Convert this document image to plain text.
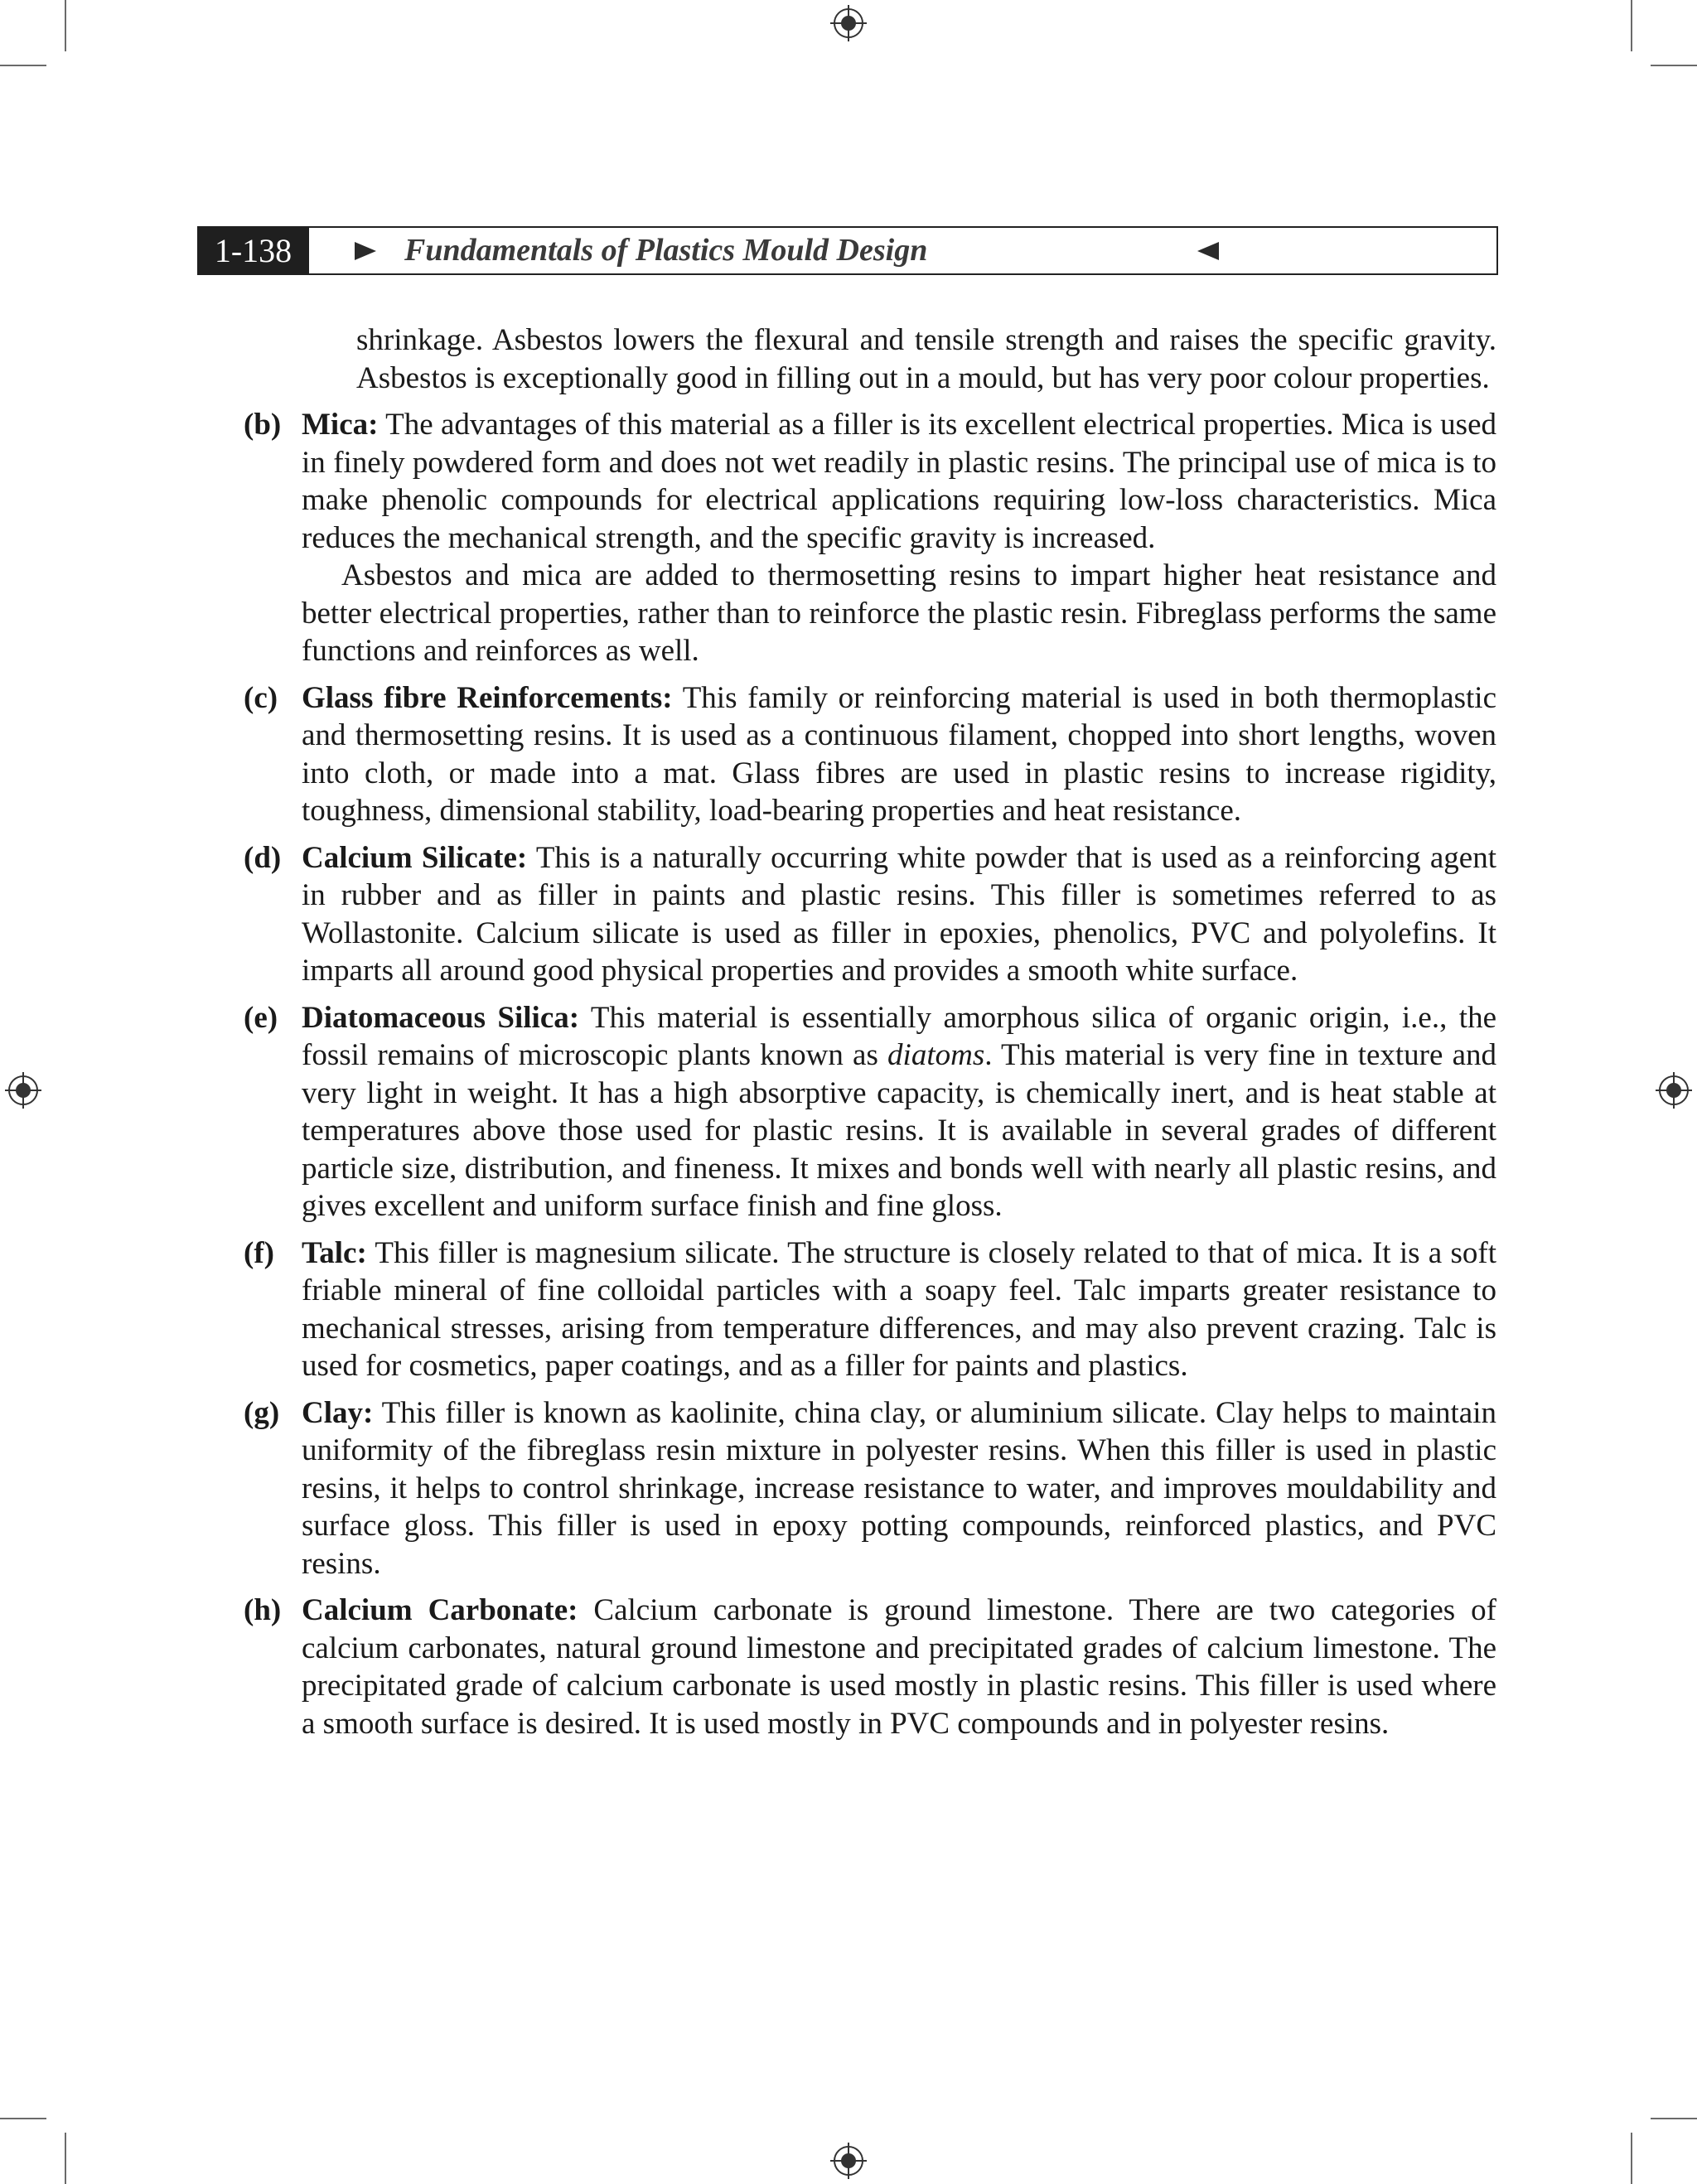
1-138	Fundamentals of Plastics Mould Design

shrinkage. Asbestos lowers the flexural and tensile strength and raises the specific gravity. Asbestos is exceptionally good in filling out in a mould, but has very poor colour properties.

(b) Mica: The advantages of this material as a filler is its excellent electrical properties. Mica is used in finely powdered form and does not wet readily in plastic resins. The principal use of mica is to make phenolic compounds for electrical applications requiring low-loss characteristics. Mica reduces the mechanical strength, and the specific gravity is increased.

Asbestos and mica are added to thermosetting resins to impart higher heat resistance and better electrical properties, rather than to reinforce the plastic resin. Fibreglass performs the same functions and reinforces as well.

(c) Glass fibre Reinforcements: This family or reinforcing material is used in both thermoplastic and thermosetting resins. It is used as a continuous filament, chopped into short lengths, woven into cloth, or made into a mat. Glass fibres are used in plastic resins to increase rigidity, toughness, dimensional stability, load-bearing properties and heat resistance.

(d) Calcium Silicate: This is a naturally occurring white powder that is used as a reinforcing agent in rubber and as filler in paints and plastic resins. This filler is sometimes referred to as Wollastonite. Calcium silicate is used as filler in epoxies, phenolics, PVC and polyolefins. It imparts all around good physical properties and provides a smooth white surface.

(e) Diatomaceous Silica: This material is essentially amorphous silica of organic origin, i.e., the fossil remains of microscopic plants known as diatoms. This material is very fine in texture and very light in weight. It has a high absorptive capacity, is chemically inert, and is heat stable at temperatures above those used for plastic resins. It is available in several grades of different particle size, distribution, and fineness. It mixes and bonds well with nearly all plastic resins, and gives excellent and uniform surface finish and fine gloss.

(f) Talc: This filler is magnesium silicate. The structure is closely related to that of mica. It is a soft friable mineral of fine colloidal particles with a soapy feel. Talc imparts greater resistance to mechanical stresses, arising from temperature differences, and may also prevent crazing. Talc is used for cosmetics, paper coatings, and as a filler for paints and plastics.

(g) Clay: This filler is known as kaolinite, china clay, or aluminium silicate. Clay helps to maintain uniformity of the fibreglass resin mixture in polyester resins. When this filler is used in plastic resins, it helps to control shrinkage, increase resistance to water, and improves mouldability and surface gloss. This filler is used in epoxy potting compounds, reinforced plastics, and PVC resins.

(h) Calcium Carbonate: Calcium carbonate is ground limestone. There are two categories of calcium carbonates, natural ground limestone and precipitated grades of calcium limestone. The precipitated grade of calcium carbonate is used mostly in plastic resins. This filler is used where a smooth surface is desired. It is used mostly in PVC compounds and in polyester resins.
